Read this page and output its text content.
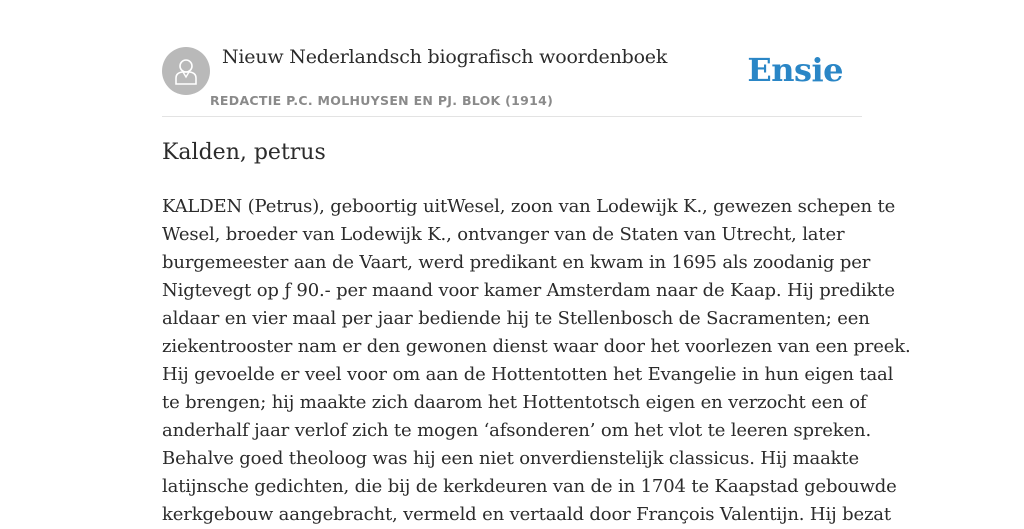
Nieuw Nederlandsch biografisch woordenboek
REDACTIE P.C. MOLHUYSEN EN PJ. BLOK (1914)
Ensie
Kalden, petrus

KALDEN (Petrus), geboortig uitWesel, zoon van Lodewijk K., gewezen schepen te
Wesel, broeder van Lodewijk K., ontvanger van de Staten van Utrecht, later
burgemeester aan de Vaart, werd predikant en kwam in 1695 als zoodanig per
Nigtevegt op ƒ 90.- per maand voor kamer Amsterdam naar de Kaap. Hij predikte
aldaar en vier maal per jaar bediende hij te Stellenbosch de Sacramenten; een
ziekentrooster nam er den gewonen dienst waar door het voorlezen van een preek.
Hij gevoelde er veel voor om aan de Hottentotten het Evangelie in hun eigen taal
te brengen; hij maakte zich daarom het Hottentotsch eigen en verzocht een of
anderhalf jaar verlof zich te mogen ‘afsonderen’ om het vlot te leeren spreken.
Behalve goed theoloog was hij een niet onverdienstelijk classicus. Hij maakte
latijnsche gedichten, die bij de kerkdeuren van de in 1704 te Kaapstad gebouwde
kerkgebouw aangebracht, vermeld en vertaald door François Valentijn. Hij bezat
